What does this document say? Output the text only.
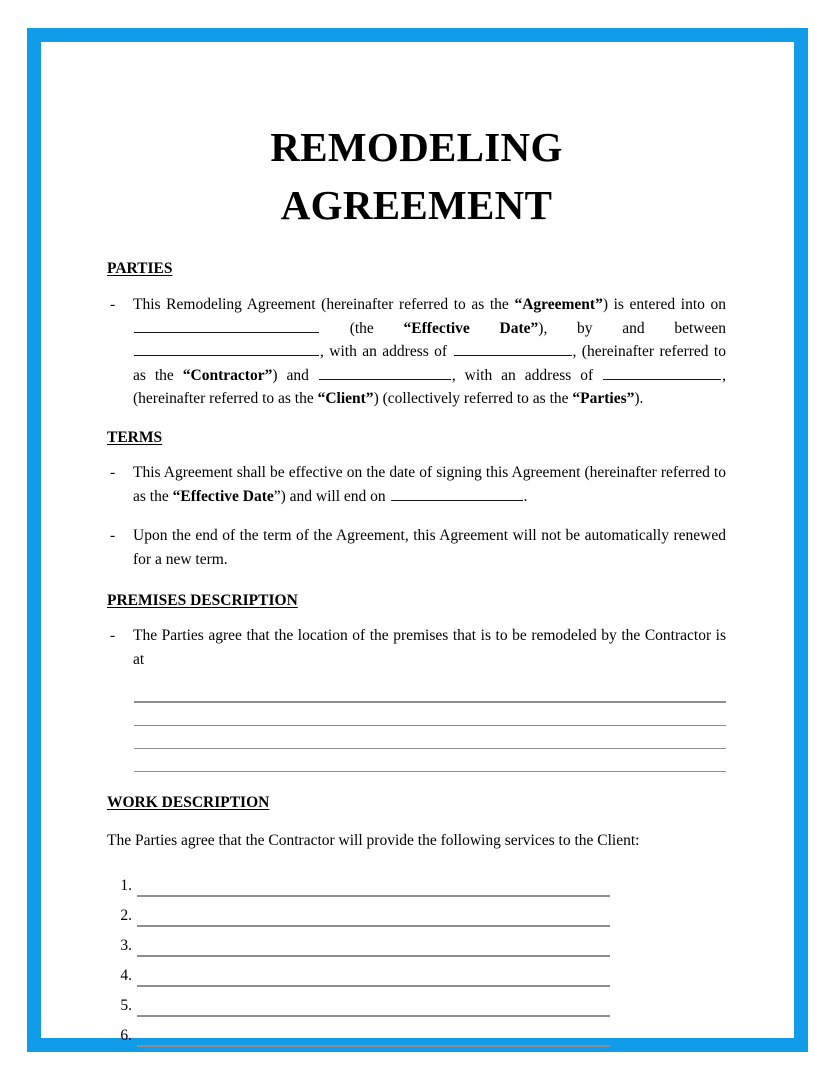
REMODELING
AGREEMENT
PARTIES
-	This Remodeling Agreement (hereinafter referred to as the “Agreement”) is entered into on  (the “Effective Date”), by and between , with an address of	, (hereinafter referred to as the “Contractor”) and	, with an address of	, (hereinafter referred to as the “Client”) (collectively referred to as the “Parties”).
TERMS
-	This Agreement shall be effective on the date of signing this Agreement (hereinafter referred to as the “Effective Date”) and will end on	.
-	Upon the end of the term of the Agreement, this Agreement will not be automatically renewed for a new term.
PREMISES DESCRIPTION
-	The Parties agree that the location of the premises that is to be remodeled by the Contractor is at
WORK DESCRIPTION
The Parties agree that the Contractor will provide the following services to the Client:
1.
2.
3.
4.
5.
6.
